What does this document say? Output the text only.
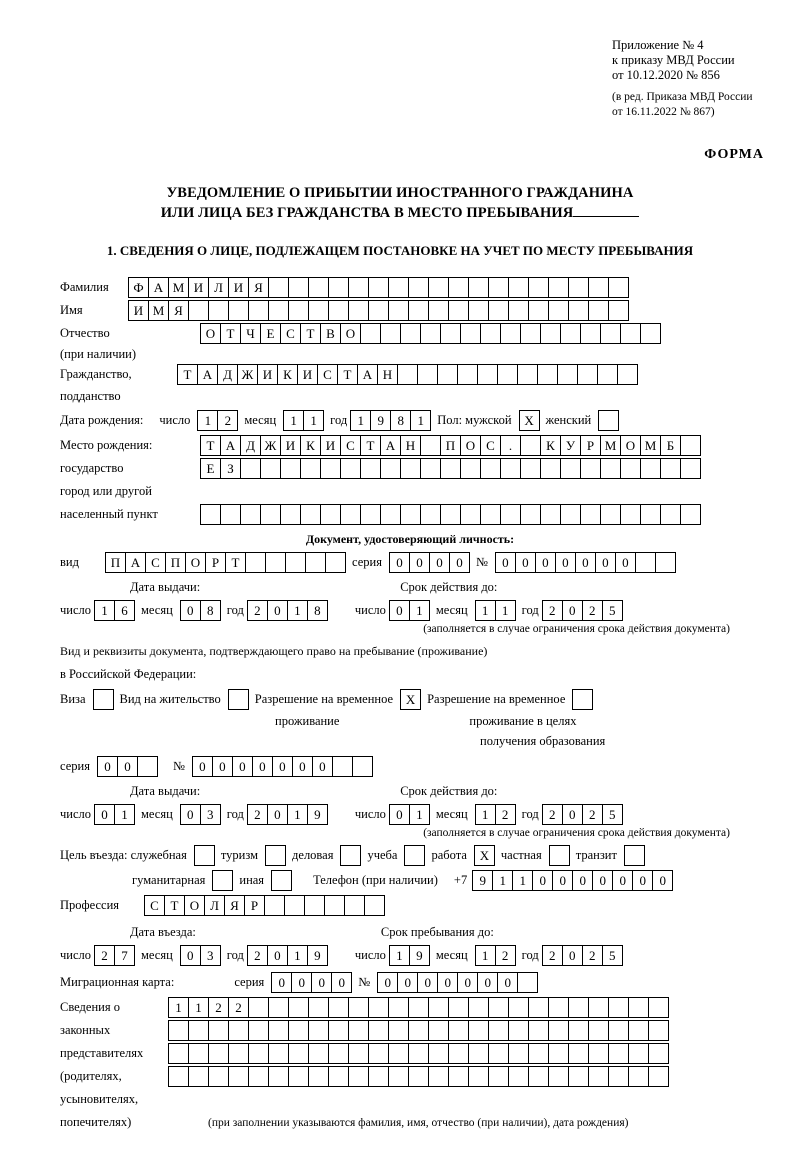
Приложение № 4
к приказу МВД России
от 10.12.2020 № 856
(в ред. Приказа МВД России
от 16.11.2022 № 867)
ФОРМА
УВЕДОМЛЕНИЕ О ПРИБЫТИИ ИНОСТРАННОГО ГРАЖДАНИНА
ИЛИ ЛИЦА БЕЗ ГРАЖДАНСТВА В МЕСТО ПРЕБЫВАНИЯ
1. СВЕДЕНИЯ О ЛИЦЕ, ПОДЛЕЖАЩЕМ ПОСТАНОВКЕ НА УЧЕТ ПО МЕСТУ ПРЕБЫВАНИЯ
Фамилия	Ф А М И Л И Я
Имя	И М Я
Отчество	О Т Ч Е С Т В О
(при наличии)
Гражданство,	Т А Д Ж И К И С Т А Н
подданство
Дата рождения: число	1	2	месяц	1	1	год 1	9	8	1	Пол: мужской Х женский
Место рождения:	Т А Д Ж И К И С Т А Н	П О С	.	К У Р М О М Б
государство	Е З
город или другой
населенный пункт
Документ, удостоверяющий личность:
вид	П А С П О Р Т	серия	0	0	0	0	№	0	0	0	0	0	0	0
Дата выдачи:	Срок действия до:
число 1	6	месяц	0	8	год 2	0	1	8	число 0	1	месяц	1	1	год 2	0	2	5
(заполняется в случае ограничения срока действия документа)
Вид и реквизиты документа, подтверждающего право на пребывание (проживание)
в Российской Федерации:
Виза	Вид на жительство	Разрешение на временное Х Разрешение на временное
проживание	проживание в целях
получения образования
серия	0	0	№	0	0	0	0	0	0	0
Дата выдачи:	Срок действия до:
число 0	1	месяц	0	3	год 2	0	1	9	число 0	1	месяц	1	2	год 2	0	2	5
(заполняется в случае ограничения срока действия документа)
Цель въезда: служебная	туризм	деловая	учеба	работа Х частная	транзит
гуманитарная	иная	Телефон (при наличии) +7 9	1	1	0	0	0	0	0	0	0
Профессия	С Т О Л Я Р
Дата въезда:	Срок пребывания до:
число 2	7	месяц	0	3	год 2	0	1	9	число 1	9	месяц	1	2	год 2	0	2	5
Миграционная карта:	серия	0	0	0	0	№	0	0	0	0	0	0	0
Сведения о	1	1	2	2
законных
представителях
(родителях,
усыновителях,
попечителях)	(при заполнении указываются фамилия, имя, отчество (при наличии), дата рождения)
